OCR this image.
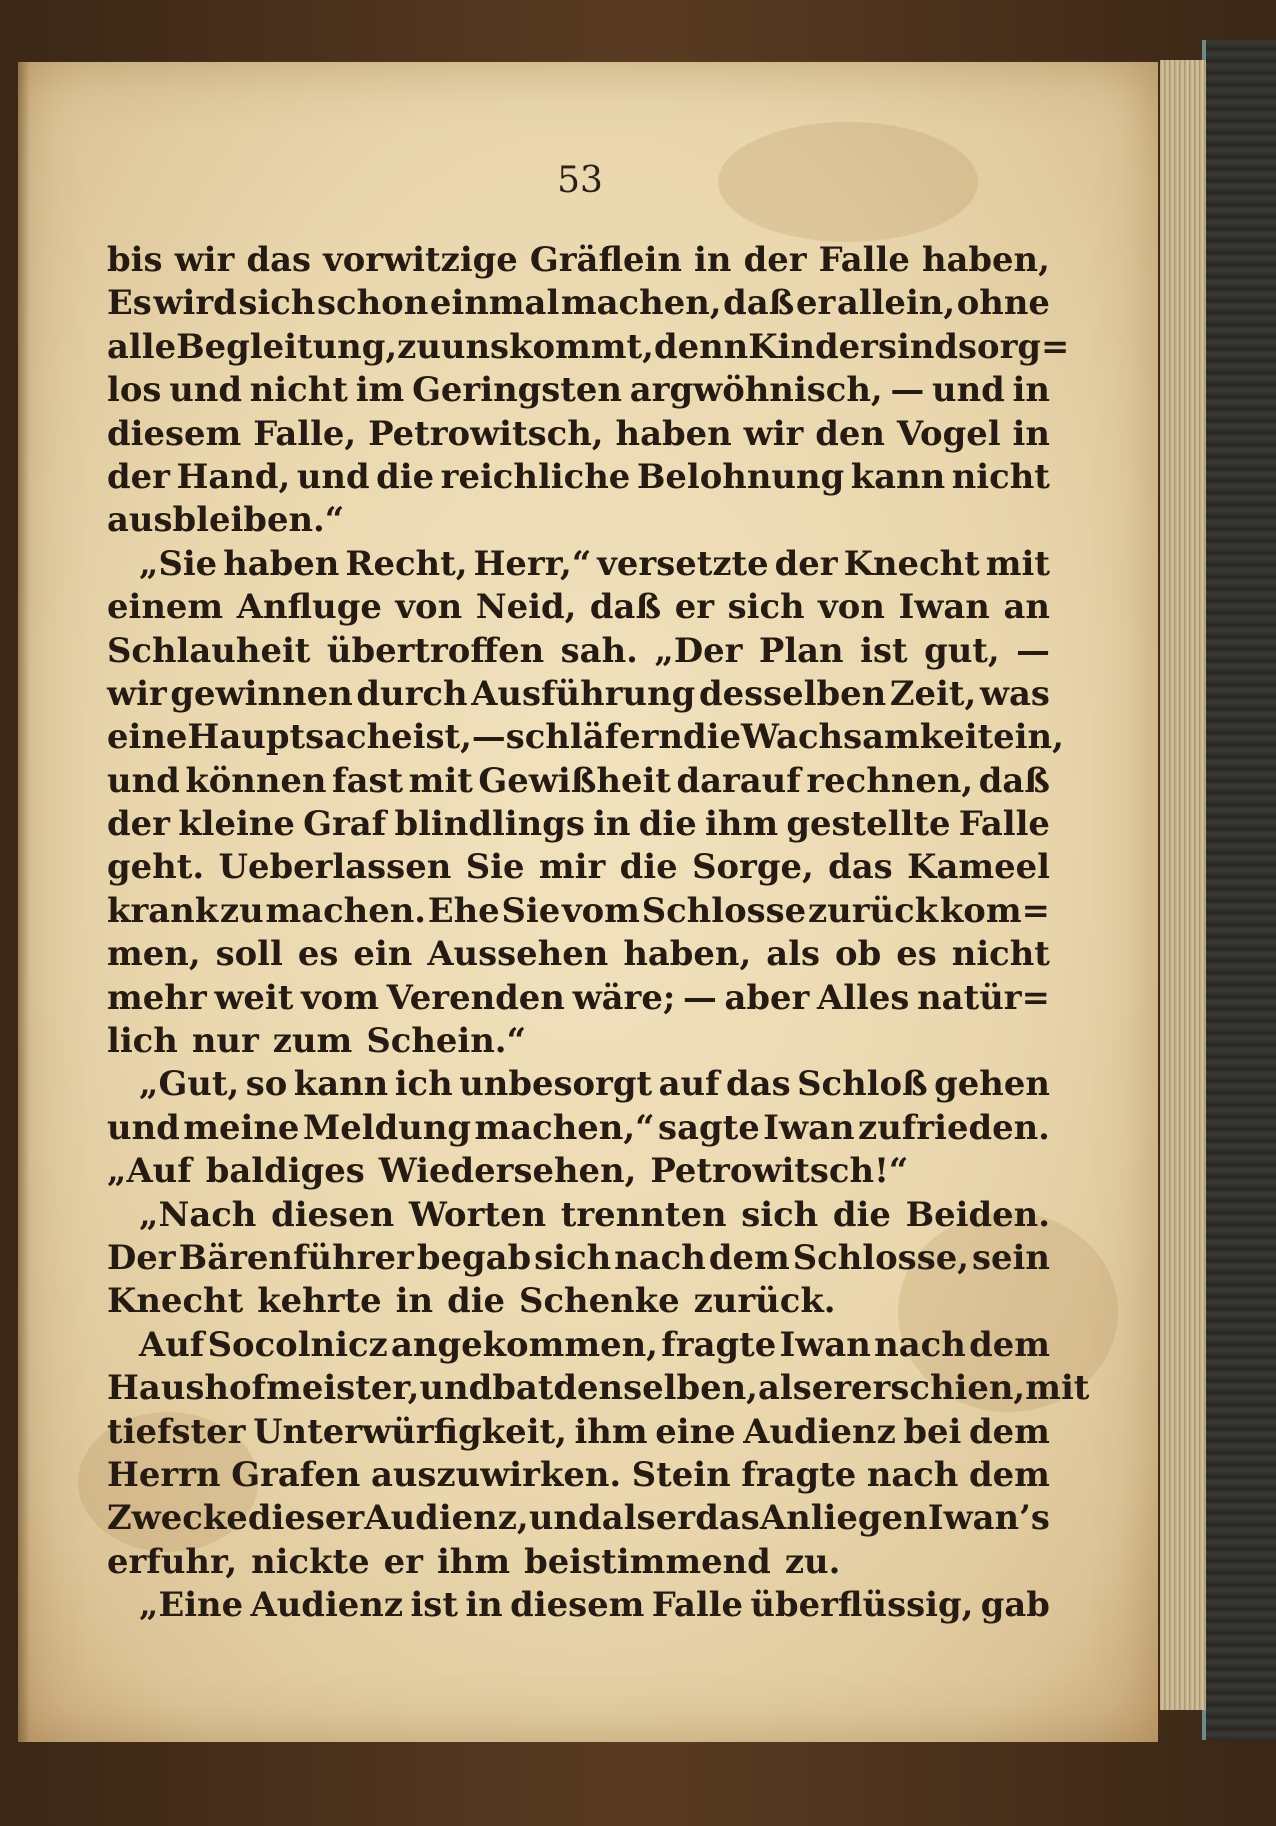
53
bis wir das vorwitzige Gräflein in der Falle haben,
Es wird sich schon einmal machen, daß er allein, ohne
alle Begleitung, zu uns kommt, denn Kinder sind sorg=
los und nicht im Geringsten argwöhnisch, — und in
diesem Falle, Petrowitsch, haben wir den Vogel in
der Hand, und die reichliche Belohnung kann nicht
ausbleiben.“
„Sie haben Recht, Herr,“ versetzte der Knecht mit
einem Anfluge von Neid, daß er sich von Iwan an
Schlauheit übertroffen sah. „Der Plan ist gut, —
wir gewinnen durch Ausführung desselben Zeit, was
eine Hauptsache ist, — schläfern die Wachsamkeit ein,
und können fast mit Gewißheit darauf rechnen, daß
der kleine Graf blindlings in die ihm gestellte Falle
geht. Ueberlassen Sie mir die Sorge, das Kameel
krank zu machen. Ehe Sie vom Schlosse zurück kom=
men, soll es ein Aussehen haben, als ob es nicht
mehr weit vom Verenden wäre; — aber Alles natür=
lich nur zum Schein.“
„Gut, so kann ich unbesorgt auf das Schloß gehen
und meine Meldung machen,“ sagte Iwan zufrieden.
„Auf baldiges Wiedersehen, Petrowitsch!“
„Nach diesen Worten trennten sich die Beiden.
Der Bärenführer begab sich nach dem Schlosse, sein
Knecht kehrte in die Schenke zurück.
Auf Socolnicz angekommen, fragte Iwan nach dem
Haushofmeister, und bat denselben, als er erschien, mit
tiefster Unterwürfigkeit, ihm eine Audienz bei dem
Herrn Grafen auszuwirken. Stein fragte nach dem
Zwecke dieser Audienz, und als er das Anliegen Iwan’s
erfuhr, nickte er ihm beistimmend zu.
„Eine Audienz ist in diesem Falle überflüssig, gab
